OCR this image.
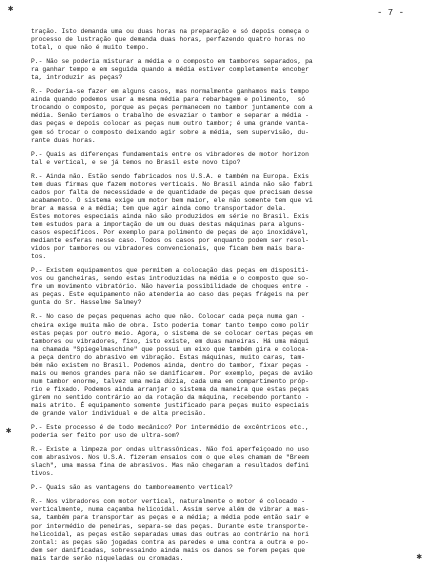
✱
✱
✱
- 7 -

tração. Isto demanda uma ou duas horas na preparação e só depois começa o
processo de lustração que demanda duas horas, perfazendo quatro horas no
total, o que não é muito tempo.

P.- Não se poderia misturar a média e o composto em tambores separados, pa
ra ganhar tempo e em seguida quando a média estiver completamente encobe̲r
ta, introduzir as peças?

R.- Poderia-se fazer em alguns casos, mas normalmente ganhamos mais tempo
ainda quando podemos usar a mesma média para rebarbagem e polimento,  só
trocando o composto, porque as peças permanecem no tambor juntamente com a
média. Senão teríamos o trabalho de esvaziar o tambor e separar a média -
das peças e depois colocar as peças num outro tambor; é uma grande vanta-
gem só trocar o composto deixando agir sobre a média, sem supervisão, du-
rante duas horas.

P.- Quais as diferenças fundamentais entre os vibradores de motor horizon
tal e vertical, e se já temos no Brasil este novo tipo?

R.- Ainda não. Estão sendo fabricados nos U.S.A. e também na Europa. Exis
tem duas firmas que fazem motores verticais. No Brasil ainda não são fabri
cados por falta de necessidade e de quantidade de peças que precisam desse
acabamento. O sistema exige um motor bem maior, ele não somente tem que vi
brar a massa e a média; tem que agir ainda como transportador dela.
Estes motores especiais ainda não são produzidos em série no Brasil. Exis
tem estudos para a importação de um ou duas destas máquinas para alguns-
casos específicos. Por exemplo para polimento de peças de aço inoxidável,
mediante esferas nesse caso. Todos os casos por enquanto podem ser resol-
vidos por tambores ou vibradores convencionais, que ficam bem mais bara-
tos.

P.- Existem equipamentos que permitem a colocação das peças em dispositi-
vos ou gancheiras, sendo estas introduzidas na média e o composto que so-
fre um movimento vibratório. Não haveria possibilidade de choques entre -
as peças. Este equipamento não atenderia ao caso das peças frágeis na per
gunta do Sr. Hasselme Salmey?

R.- No caso de peças pequenas acho que não. Colocar cada peça numa gan -
cheira exige muita mão de obra. Isto poderia tomar tanto tempo como polir
estas peças por outro meio. Agora, o sistema de se colocar certas peças em
tambores ou vibradores, fixo, isto existe, em duas maneiras. Há uma máqui
na chamada "Spiegelmaschine" que possui um eixo que também gira e coloca-
a peça dentro do abrasivo em vibração. Estas máquinas, muito caras, tam-
bém não existem no Brasil. Podemos ainda, dentro do tambor, fixar peças -
mais ou menos grandes para não se danificarem. Por exemplo, peças de avião
num tambor enorme, talvez uma meia dúzia, cada uma em compartimento próp-
rio e fixado. Podemos ainda arranjar o sistema da maneira que estas peças
girem no sentido contrário ao da rotação da máquina, recebendo portanto -
mais atrito. É equipamento somente justificado para peças muito especiais
de grande valor individual e de alta precisão.

P.- Este processo é de todo mecânico? Por intermédio de excêntricos etc.,
poderia ser feito por uso de ultra-som?

R.- Existe a limpeza por ondas ultrassônicas. Não foi aperfeiçoado no uso
com abrasivos. Nos U.S.A. fizeram ensaios com o que eles chamam de "Breem
slach", uma massa fina de abrasivos. Mas não chegaram a resultados defini
tivos.

P.- Quais são as vantagens do tamboreamento vertical?

R.- Nos vibradores com motor vertical, naturalmente o motor é colocado -
verticalmente, numa caçamba helicoidal. Assim serve além de vibrar a mas-
sa, também para transportar as peças e a média; a média pode então sair e
por intermédio de peneiras, separa-se das peças. Durante este transporte-
helicoidal, as peças estão separadas umas das outras ao contrário na hori
zontal: as peças são jogadas contra as paredes e uma contra a outra e po-
dem ser danificadas, sobressaindo ainda mais os danos se forem peças que
mais tarde serão niqueladas ou cromadas.
